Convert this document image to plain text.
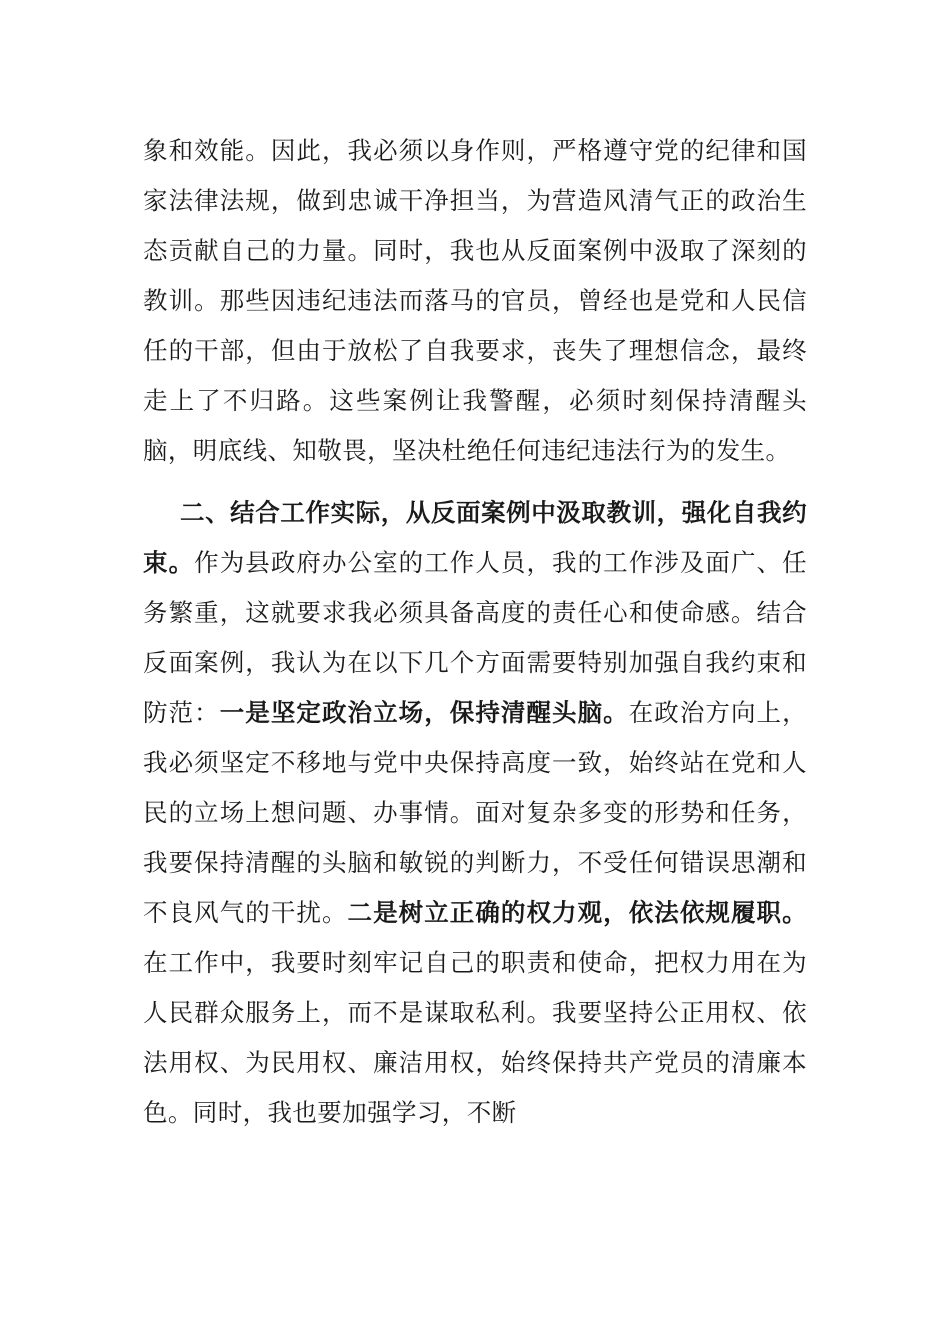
象和效能。因此，我必须以身作则，严格遵守党的纪律和国家法律法规，做到忠诚干净担当，为营造风清气正的政治生态贡献自己的力量。同时，我也从反面案例中汲取了深刻的教训。那些因违纪违法而落马的官员，曾经也是党和人民信任的干部，但由于放松了自我要求，丧失了理想信念，最终走上了不归路。这些案例让我警醒，必须时刻保持清醒头脑，明底线、知敬畏，坚决杜绝任何违纪违法行为的发生。

二、结合工作实际，从反面案例中汲取教训，强化自我约束。作为县政府办公室的工作人员，我的工作涉及面广、任务繁重，这就要求我必须具备高度的责任心和使命感。结合反面案例，我认为在以下几个方面需要特别加强自我约束和防范：一是坚定政治立场，保持清醒头脑。在政治方向上，我必须坚定不移地与党中央保持高度一致，始终站在党和人民的立场上想问题、办事情。面对复杂多变的形势和任务，我要保持清醒的头脑和敏锐的判断力，不受任何错误思潮和不良风气的干扰。二是树立正确的权力观，依法依规履职。在工作中，我要时刻牢记自己的职责和使命，把权力用在为人民群众服务上，而不是谋取私利。我要坚持公正用权、依法用权、为民用权、廉洁用权，始终保持共产党员的清廉本色。同时，我也要加强学习，不断
